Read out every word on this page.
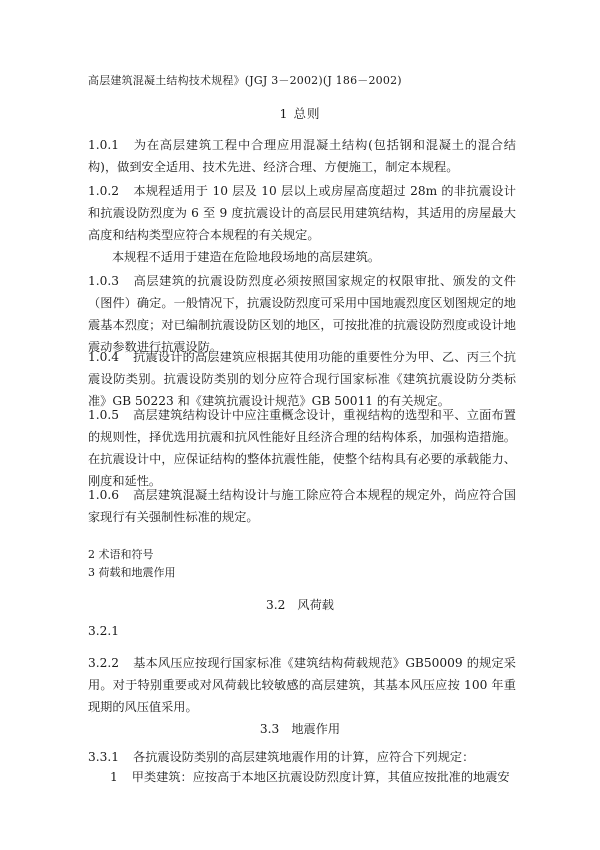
高层建筑混凝土结构技术规程》(JGJ 3－2002)(J 186－2002)
1 总则
1.0.1 为在高层建筑工程中合理应用混凝土结构(包括钢和混凝土的混合结构)，做到安全适用、技术先进、经济合理、方便施工，制定本规程。
1.0.2 本规程适用于 10 层及 10 层以上或房屋高度超过 28m 的非抗震设计和抗震设防烈度为 6 至 9 度抗震设计的高层民用建筑结构，其适用的房屋最大高度和结构类型应符合本规程的有关规定。
本规程不适用于建造在危险地段场地的高层建筑。
1.0.3 高层建筑的抗震设防烈度必须按照国家规定的权限审批、颁发的文件（图件）确定。一般情况下，抗震设防烈度可采用中国地震烈度区划图规定的地震基本烈度；对已编制抗震设防区划的地区，可按批准的抗震设防烈度或设计地震动参数进行抗震设防。
1.0.4 抗震设计的高层建筑应根据其使用功能的重要性分为甲、乙、丙三个抗震设防类别。抗震设防类别的划分应符合现行国家标准《建筑抗震设防分类标准》GB 50223 和《建筑抗震设计规范》GB 50011 的有关规定。
1.0.5 高层建筑结构设计中应注重概念设计，重视结构的选型和平、立面布置的规则性，择优选用抗震和抗风性能好且经济合理的结构体系，加强构造措施。在抗震设计中，应保证结构的整体抗震性能，使整个结构具有必要的承载能力、刚度和延性。
1.0.6 高层建筑混凝土结构设计与施工除应符合本规程的规定外，尚应符合国家现行有关强制性标准的规定。
2 术语和符号
3 荷载和地震作用
3.2 风荷载
3.2.1
3.2.2 基本风压应按现行国家标准《建筑结构荷载规范》GB50009 的规定采用。对于特别重要或对风荷载比较敏感的高层建筑，其基本风压应按 100 年重现期的风压值采用。
3.3 地震作用
3.3.1 各抗震设防类别的高层建筑地震作用的计算，应符合下列规定：
1 甲类建筑：应按高于本地区抗震设防烈度计算，其值应按批准的地震安
